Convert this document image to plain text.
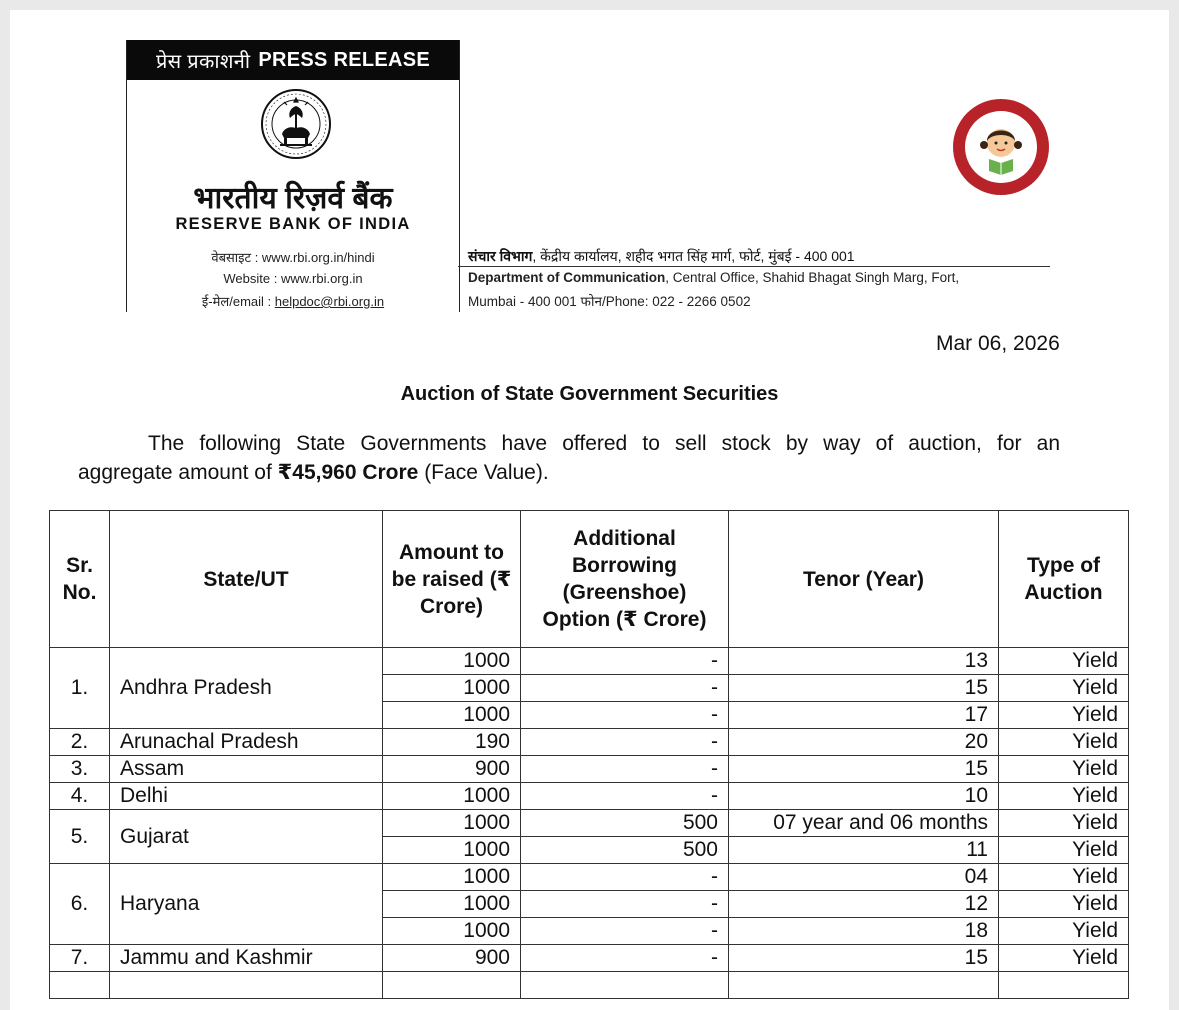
प्रेस प्रकाशनी PRESS RELEASE
भारतीय रिज़र्व बैंक
RESERVE BANK OF INDIA
वेबसाइट : www.rbi.org.in/hindi
Website : www.rbi.org.in
ई-मेल/email : helpdoc@rbi.org.in
संचार विभाग, केंद्रीय कार्यालय, शहीद भगत सिंह मार्ग, फोर्ट, मुंबई - 400 001
Department of Communication, Central Office, Shahid Bhagat Singh Marg, Fort,
Mumbai - 400 001 फोन/Phone: 022 - 2266 0502
Mar 06, 2026
Auction of State Government Securities
The following State Governments have offered to sell stock by way of auction, for an
aggregate amount of ₹45,960 Crore (Face Value).
Sr. No.	State/UT	Amount to be raised (₹ Crore)	Additional Borrowing (Greenshoe) Option (₹ Crore)	Tenor (Year)	Type of Auction
1.	Andhra Pradesh	1000	-	13	Yield
		1000	-	15	Yield
		1000	-	17	Yield
2.	Arunachal Pradesh	190	-	20	Yield
3.	Assam	900	-	15	Yield
4.	Delhi	1000	-	10	Yield
5.	Gujarat	1000	500	07 year and 06 months	Yield
		1000	500	11	Yield
6.	Haryana	1000	-	04	Yield
		1000	-	12	Yield
		1000	-	18	Yield
7.	Jammu and Kashmir	900	-	15	Yield
